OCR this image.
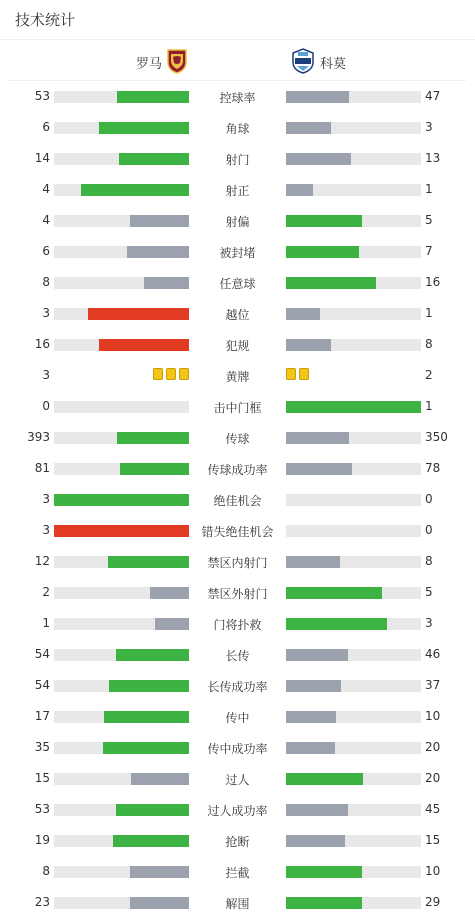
技术统计
罗马	科莫
53	控球率	47
6	角球	3
14	射门	13
4	射正	1
4	射偏	5
6	被封堵	7
8	任意球	16
3	越位	1
16	犯规	8
3	黄牌	2
0	击中门框	1
393	传球	350
81	传球成功率	78
3	绝佳机会	0
3	错失绝佳机会	0
12	禁区内射门	8
2	禁区外射门	5
1	门将扑救	3
54	长传	46
54	长传成功率	37
17	传中	10
35	传中成功率	20
15	过人	20
53	过人成功率	45
19	抢断	15
8	拦截	10
23	解围	29
